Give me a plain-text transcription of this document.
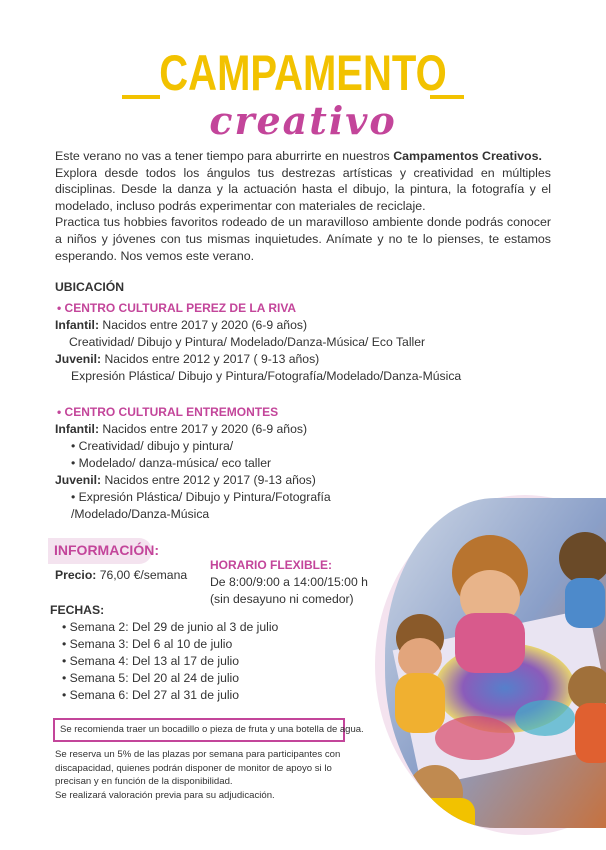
CAMPAMENTO
creativo

Este verano no vas a tener tiempo para aburrirte en nuestros Campamentos Creativos.

Explora desde todos los ángulos tus destrezas artísticas y creatividad en múltiples disciplinas. Desde la danza y la actuación hasta el dibujo, la pintura, la fotografía y el modelado, incluso podrás experimentar con materiales de reciclaje.

Practica tus hobbies favoritos rodeado de un maravilloso ambiente donde podrás conocer a niños y jóvenes con tus mismas inquietudes. Anímate y no te lo pienses, te estamos esperando. Nos vemos este verano.

UBICACIÓN
• CENTRO CULTURAL PEREZ DE LA RIVA
Infantil: Nacidos entre 2017 y 2020 (6-9 años)
Creatividad/ Dibujo y Pintura/ Modelado/Danza-Música/ Eco Taller
Juvenil: Nacidos entre 2012 y 2017 ( 9-13 años)
Expresión Plástica/ Dibujo y Pintura/Fotografía/Modelado/Danza-Música
• CENTRO CULTURAL ENTREMONTES
Infantil: Nacidos entre 2017 y 2020 (6-9 años)
• Creatividad/ dibujo y pintura/
• Modelado/ danza-música/ eco taller
Juvenil: Nacidos entre 2012 y 2017 (9-13 años)
• Expresión Plástica/ Dibujo y Pintura/Fotografía
/Modelado/Danza-Música
INFORMACIÓN:
Precio: 76,00 €/semana
HORARIO FLEXIBLE:
De 8:00/9:00 a 14:00/15:00 h
(sin desayuno ni comedor)
FECHAS:
• Semana 2: Del 29 de junio al 3 de julio
• Semana 3: Del 6 al 10 de julio
• Semana 4: Del 13 al 17 de julio
• Semana 5: Del 20 al 24 de julio
• Semana 6: Del 27 al 31 de julio
Se recomienda traer un bocadillo o pieza de fruta y una botella de agua.
Se reserva un 5% de las plazas por semana para participantes con
discapacidad, quienes podrán disponer de monitor de apoyo si lo
precisan y en función de la disponibilidad.
Se realizará valoración previa para su adjudicación.
